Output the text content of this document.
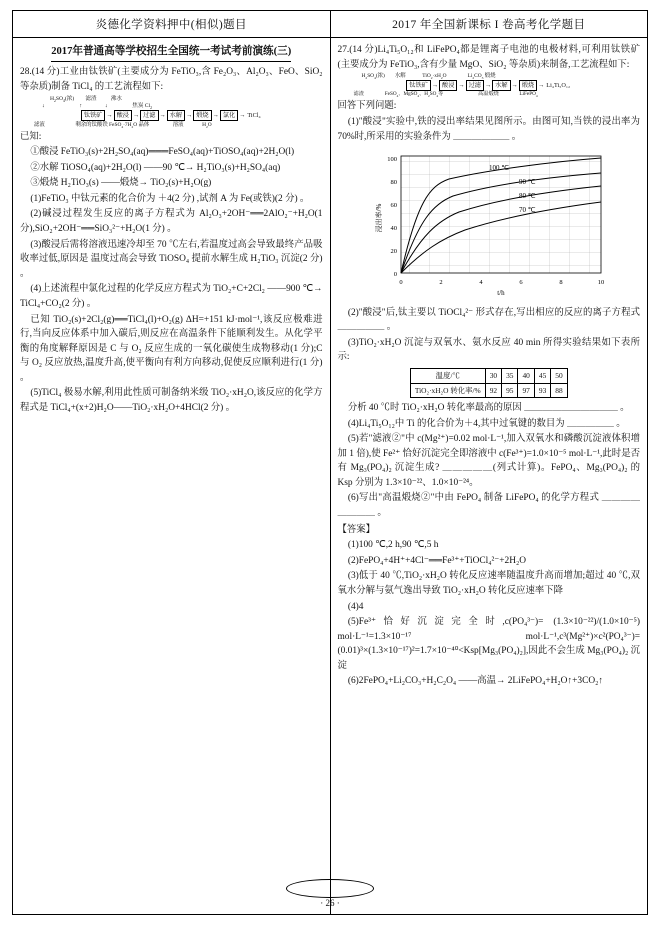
炎德化学资料押中(相似)题目
2017年普通高等学校招生全国统一考试考前演练(三)

28.(14 分)工业由钛铁矿(主要成分为 FeTiO₃,含 Fe₂O₃、Al₂O₃、FeO、SiO₂ 等杂质)制备 TiCl₄ 的工艺流程如下:

$H_2SO_4$(浓) 滤渣	沸水
↓	↑	↓	焦炭 $Cl_2$
钛铁矿 → 酸浸 → 过滤 → 水解 → 煅烧 → 氯化 → TiCl₄
滤液	剩余的钛酸铁 $FeSO_4\cdot 7H_2O$ 晶体	溶液	$H_2O$

已知:

①酸浸 FeTiO₃(s)+2H₂SO₄(aq)═══FeSO₄(aq)+TiOSO₄(aq)+2H₂O(l)

②水解 TiOSO₄(aq)+2H₂O(l) ——90 ℃→ H₂TiO₃(s)+H₂SO₄(aq)

③煅烧 H₂TiO₃(s) ——煅烧→ TiO₂(s)+H₂O(g)

(1)FeTiO₃ 中钛元素的化合价为 ＋4(2 分) ,试剂 A 为 Fe(或铁)(2 分) 。

(2)碱浸过程发生反应的离子方程式为 Al₂O₃+2OH⁻══2AlO₂⁻+H₂O(1 分),SiO₂+2OH⁻══SiO₃²⁻+H₂O(1 分) 。

(3)酸浸后需将溶液迅速冷却至 70 ℃左右,若温度过高会导致最终产品吸收率过低,原因是 温度过高会导致 TiOSO₄ 提前水解生成 H₂TiO₃ 沉淀(2 分) 。

(4)上述流程中氯化过程的化学反应方程式为 TiO₂+C+2Cl₂ ——900 ℃→ TiCl₄+CO₂(2 分) 。

已知 TiO₂(s)+2Cl₂(g)══TiCl₄(l)+O₂(g) ΔH=+151 kJ·mol⁻¹,该反应极难进行,当向反应体系中加入碳后,则反应在高温条件下能顺利发生。从化学平衡的角度解释原因是 C 与 O₂ 反应生成的一氧化碳使生成物移动(1 分);C 与 O₂ 反应放热,温度升高,使平衡向有利方向移动,促使反应顺利进行(1 分) 。

(5)TiCl₄ 极易水解,利用此性质可制备纳米级 TiO₂·xH₂O,该反应的化学方程式是 TiCl₄+(x+2)H₂O——TiO₂·xH₂O+4HCl(2 分) 。

2017 年全国新课标 I 卷高考化学题目

27.(14 分)Li₄Ti₅O₁₂和 LiFePO₄都是锂离子电池的电极材料,可利用钛铁矿(主要成分为 FeTiO₃,含有少量 MgO、SiO₂ 等杂质)来制备,工艺流程如下:

$H_2SO_4$(浓) 水解	$TiO_2\cdot xH_2O$	$Li_2CO_3$ 煅烧
钛铁矿 → 酸浸 → 过滤 → 水解 → 煅烧 → Li₄Ti₅O₁₂
滤渣	FeSO$_4$、MgSO$_4$、$H_2SO_4$等	高温煅烧	LiFePO$_4$

回答下列问题:

(1)"酸浸"实验中,铁的浸出率结果见图所示。由图可知,当铁的浸出率为 70%时,所采用的实验条件为 ＿＿＿＿＿＿ 。

100 ℃
90 ℃
80 ℃
70 ℃
0
20
40
60
80
100
0	2	4	6	8	10
t/h
浸出率/%

(2)"酸浸"后,钛主要以 TiOCl₄²⁻ 形式存在,写出相应的反应的离子方程式 ＿＿＿＿＿ 。

(3)TiO₂·xH₂O 沉淀与双氧水、氨水反应 40 min 所得实验结果如下表所示:

温度/℃	30	35	40	45	50
TiO₂·xH₂O 转化率/%	92	95	97	93	88

分析 40 ℃时 TiO₂·xH₂O 转化率最高的原因 ＿＿＿＿＿＿＿＿＿＿ 。

(4)Li₄Ti₅O₁₂中 Ti 的化合价为＋4,其中过氧键的数目为 ＿＿＿＿＿ 。

(5)若"滤液②"中 c(Mg²⁺)=0.02 mol·L⁻¹,加入双氧水和磷酸沉淀液体积增加 1 倍),使 Fe²⁺ 恰好沉淀完全即溶液中 c(Fe³⁺)=1.0×10⁻⁵ mol·L⁻¹,此时是否有 Mg₃(PO₄)₂ 沉淀生成? ＿＿＿＿＿(列式计算)。FePO₄、Mg₃(PO₄)₂ 的 Ksp 分别为 1.3×10⁻²²、1.0×10⁻²⁴。

(6)写出"高温煅烧②"中由 FePO₄ 制备 LiFePO₄ 的化学方程式 ＿＿＿＿＿＿＿＿ 。

【答案】

(1)100 ℃,2 h,90 ℃,5 h

(2)FePO₄+4H⁺+4Cl⁻══Fe³⁺+TiOCl₄²⁻+2H₂O

(3)低于 40 ℃,TiO₂·xH₂O 转化反应速率随温度升高而增加;超过 40 ℃,双氧水分解与氨气逸出导致 TiO₂·xH₂O 转化反应速率下降

(4)4

(5)Fe³⁺恰好沉淀完全时,c(PO₄³⁻)= (1.3×10⁻²²)/(1.0×10⁻⁵) mol·L⁻¹=1.3×10⁻¹⁷ mol·L⁻¹,c³(Mg²⁺)×c²(PO₄³⁻)=(0.01)³×(1.3×10⁻¹⁷)²=1.7×10⁻⁴⁰<Ksp[Mg₃(PO₄)₂],因此不会生成 Mg₃(PO₄)₂ 沉淀

(6)2FePO₄+Li₂CO₃+H₂C₂O₄ ——高温→ 2LiFePO₄+H₂O↑+3CO₂↑

· 26 ·
